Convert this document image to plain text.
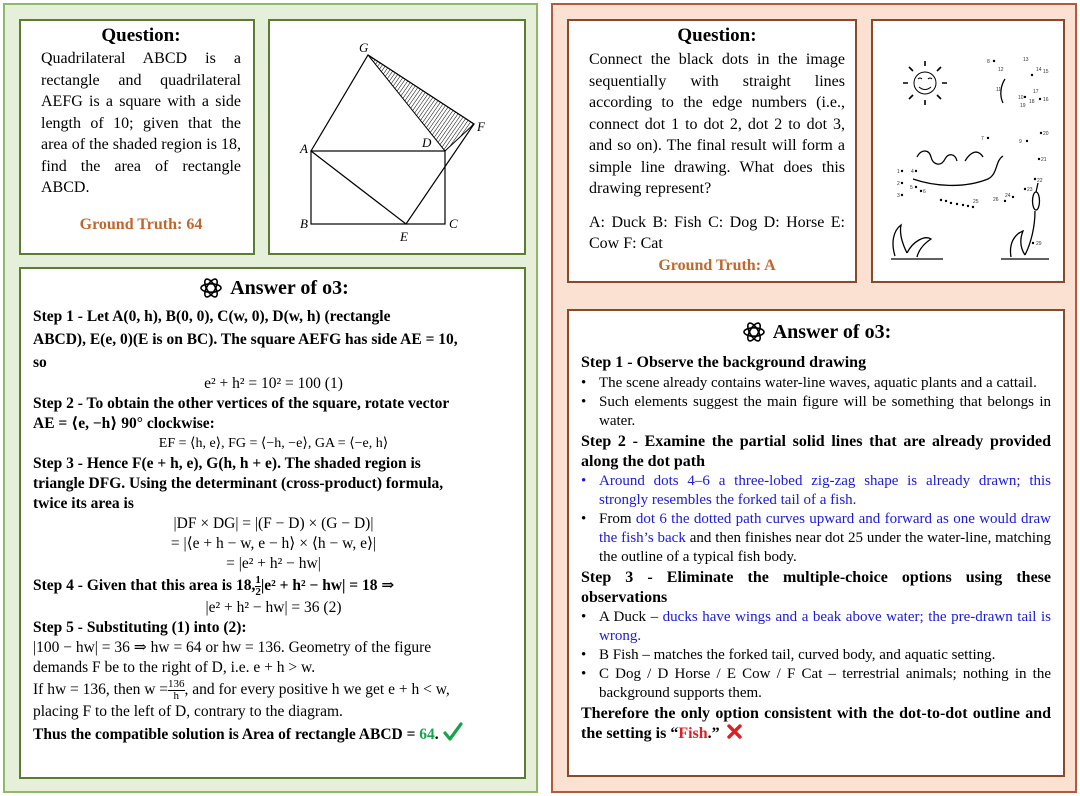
Question:
Quadrilateral ABCD is a rectangle and quadrilateral AEFG is a square with a side length of 10; given that the area of the shaded region is 18, find the area of rectangle ABCD.
Ground Truth: 64
G
A	D
F
B	C
E
Answer of o3:
Step 1 - Let A(0, h), B(0, 0), C(w, 0), D(w, h) (rectangle
ABCD), E(e, 0)(E is on BC). The square AEFG has side AE = 10,
so
e² + h² = 10² = 100 (1)
Step 2 - To obtain the other vertices of the square, rotate vector
AE = ⟨e, −h⟩ 90° clockwise:
EF = ⟨h, e⟩, FG = ⟨−h, −e⟩, GA = ⟨−e, h⟩
Step 3 - Hence F(e + h, e), G(h, h + e). The shaded region is
triangle DFG. Using the determinant (cross-product) formula,
twice its area is
|DF × DG| = |(F − D) × (G − D)|
= |⟨e + h − w, e − h⟩ × ⟨h − w, e⟩|
= |e² + h² − hw|
Step 4 - Given that this area is 18, $\frac{1}{2} |e^2 + h^2 - hw| = 18$ ⇒
|e² + h² − hw| = 36 (2)
Step 5 - Substituting (1) into (2):
|100 − hw| = 36 ⇒ hw = 64 or hw = 136. Geometry of the figure
demands F be to the right of D, i.e. e + h > w.
If hw = 136, then $w = \frac{136}{h}$ , and for every positive h we get e + h < w,
placing F to the left of D, contrary to the diagram.
Thus the compatible solution is Area of rectangle ABCD = 64.
Question:
Connect the black dots in the image sequentially with straight lines according to the edge numbers (i.e., connect dot 1 to dot 2, dot 2 to dot 3, and so on). The final result will form a simple line drawing. What does this drawing represent?
A: Duck B: Fish C: Dog D: Horse E: Cow F: Cat
Ground Truth: A
1
2
3
4
5
6
7
8
9
10
11
12
13
14 15
16
17
18
19
20
21
22
23
24
25	26
29
Answer of o3:
Step 1 - Observe the background drawing
• The scene already contains water-line waves, aquatic plants and a cattail.
• Such elements suggest the main figure will be something that belongs in water.
Step 2 - Examine the partial solid lines that are already provided along the dot path
• Around dots 4–6 a three-lobed zig-zag shape is already drawn; this strongly resembles the forked tail of a fish.
• From dot 6 the dotted path curves upward and forward as one would draw the fish’s back and then finishes near dot 25 under the water-line, matching the outline of a typical fish body.
Step 3 - Eliminate the multiple-choice options using these observations
• A Duck – ducks have wings and a beak above water; the pre-drawn tail is wrong.
• B Fish – matches the forked tail, curved body, and aquatic setting.
• C Dog / D Horse / E Cow / F Cat – terrestrial animals; nothing in the background supports them.
Therefore the only option consistent with the dot-to-dot outline and the setting is “Fish.”
